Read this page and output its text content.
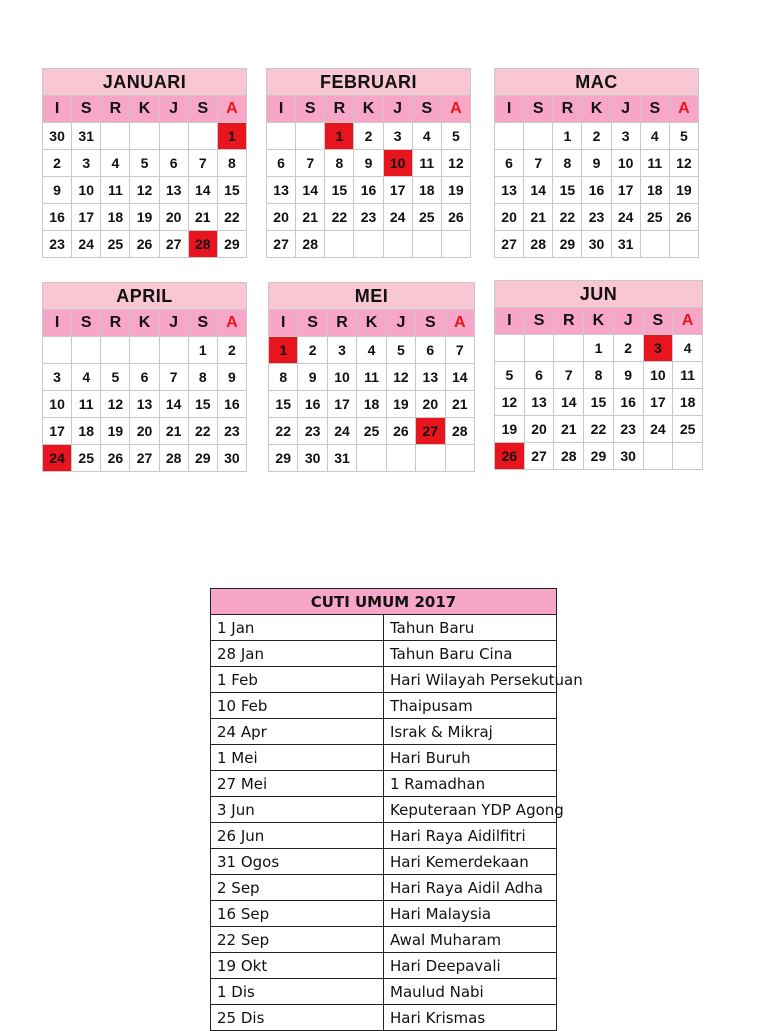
JANUARI						
I	S	R	K	J	S	A
30	31					1
2	3	4	5	6	7	8
9	10	11	12	13	14	15
16	17	18	19	20	21	22
23	24	25	26	27	28	29
FEBRUARI						
I	S	R	K	J	S	A
		1	2	3	4	5
6	7	8	9	10	11	12
13	14	15	16	17	18	19
20	21	22	23	24	25	26
27	28					
MAC						
I	S	R	K	J	S	A
		1	2	3	4	5
6	7	8	9	10	11	12
13	14	15	16	17	18	19
20	21	22	23	24	25	26
27	28	29	30	31		
APRIL						
I	S	R	K	J	S	A
					1	2
3	4	5	6	7	8	9
10	11	12	13	14	15	16
17	18	19	20	21	22	23
24	25	26	27	28	29	30
MEI						
I	S	R	K	J	S	A
1	2	3	4	5	6	7
8	9	10	11	12	13	14
15	16	17	18	19	20	21
22	23	24	25	26	27	28
29	30	31				
JUN						
I	S	R	K	J	S	A
			1	2	3	4
5	6	7	8	9	10	11
12	13	14	15	16	17	18
19	20	21	22	23	24	25
26	27	28	29	30		
CUTI UMUM 2017	
1 Jan	Tahun Baru
28 Jan	Tahun Baru Cina
1 Feb	Hari Wilayah Persekutuan
10 Feb	Thaipusam
24 Apr	Israk & Mikraj
1 Mei	Hari Buruh
27 Mei	1 Ramadhan
3 Jun	Keputeraan YDP Agong
26 Jun	Hari Raya Aidilfitri
31 Ogos	Hari Kemerdekaan
2 Sep	Hari Raya Aidil Adha
16 Sep	Hari Malaysia
22 Sep	Awal Muharam
19 Okt	Hari Deepavali
1 Dis	Maulud Nabi
25 Dis	Hari Krismas
